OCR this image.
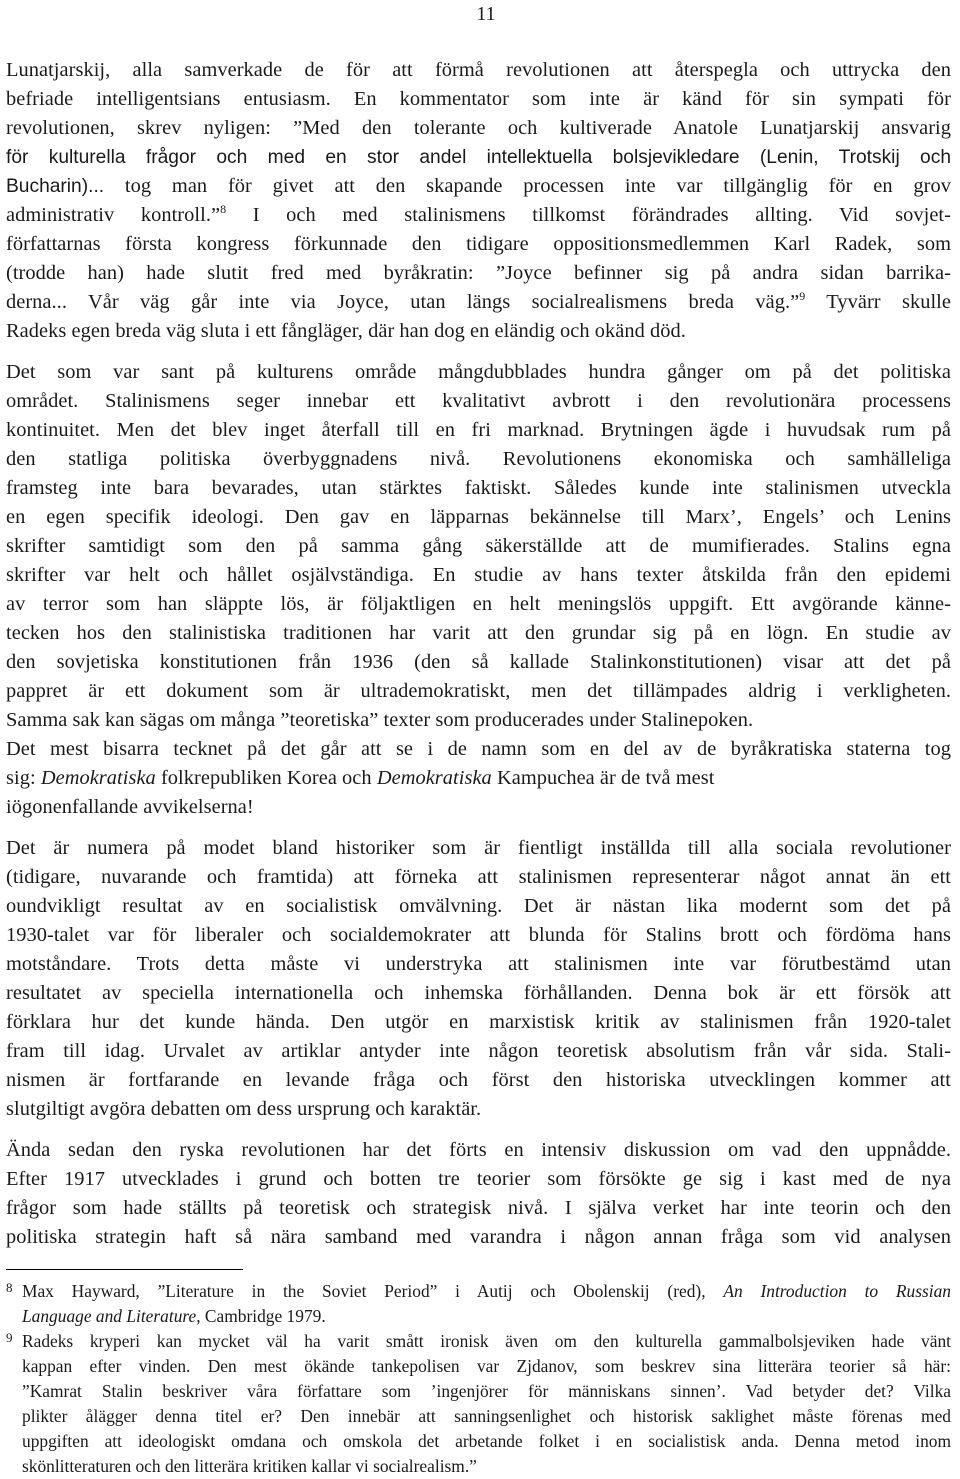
11
Lunatjarskij, alla samverkade de för att förmå revolutionen att återspegla och uttrycka den
befriade intelligentsians entusiasm. En kommentator som inte är känd för sin sympati för
revolutionen, skrev nyligen: ”Med den tolerante och kultiverade Anatole Lunatjarskij ansvarig
för kulturella frågor och med en stor andel intellektuella bolsjevikledare (Lenin, Trotskij och
Bucharin)... tog man för givet att den skapande processen inte var tillgänglig för en grov
administrativ kontroll.”$^8$ I och med stalinismens tillkomst förändrades allting. Vid sovjet-
författarnas första kongress förkunnade den tidigare oppositionsmedlemmen Karl Radek, som
(trodde han) hade slutit fred med byråkratin: ”Joyce befinner sig på andra sidan barrika-
derna... Vår väg går inte via Joyce, utan längs socialrealismens breda väg.”$^9$ Tyvärr skulle
Radeks egen breda väg sluta i ett fångläger, där han dog en eländig och okänd död.
Det som var sant på kulturens område mångdubblades hundra gånger om på det politiska
området. Stalinismens seger innebar ett kvalitativt avbrott i den revolutionära processens
kontinuitet. Men det blev inget återfall till en fri marknad. Brytningen ägde i huvudsak rum på
den statliga politiska överbyggnadens nivå. Revolutionens ekonomiska och samhälleliga
framsteg inte bara bevarades, utan stärktes faktiskt. Således kunde inte stalinismen utveckla
en egen specifik ideologi. Den gav en läpparnas bekännelse till Marx’, Engels’ och Lenins
skrifter samtidigt som den på samma gång säkerställde att de mumifierades. Stalins egna
skrifter var helt och hållet osjälvständiga. En studie av hans texter åtskilda från den epidemi
av terror som han släppte lös, är följaktligen en helt meningslös uppgift. Ett avgörande känne-
tecken hos den stalinistiska traditionen har varit att den grundar sig på en lögn. En studie av
den sovjetiska konstitutionen från 1936 (den så kallade Stalinkonstitutionen) visar att det på
pappret är ett dokument som är ultrademokratiskt, men det tillämpades aldrig i verkligheten.
Samma sak kan sägas om många ”teoretiska” texter som producerades under Stalinepoken.
Det mest bisarra tecknet på det går att se i de namn som en del av de byråkratiska staterna tog
sig: Demokratiska folkrepubliken Korea och Demokratiska Kampuchea är de två mest
iögonenfallande avvikelserna!
Det är numera på modet bland historiker som är fientligt inställda till alla sociala revolutioner
(tidigare, nuvarande och framtida) att förneka att stalinismen representerar något annat än ett
oundvikligt resultat av en socialistisk omvälvning. Det är nästan lika modernt som det på
1930-talet var för liberaler och socialdemokrater att blunda för Stalins brott och fördöma hans
motståndare. Trots detta måste vi understryka att stalinismen inte var förutbestämd utan
resultatet av speciella internationella och inhemska förhållanden. Denna bok är ett försök att
förklara hur det kunde hända. Den utgör en marxistisk kritik av stalinismen från 1920-talet
fram till idag. Urvalet av artiklar antyder inte någon teoretisk absolutism från vår sida. Stali-
nismen är fortfarande en levande fråga och först den historiska utvecklingen kommer att
slutgiltigt avgöra debatten om dess ursprung och karaktär.
Ända sedan den ryska revolutionen har det förts en intensiv diskussion om vad den uppnådde.
Efter 1917 utvecklades i grund och botten tre teorier som försökte ge sig i kast med de nya
frågor som hade ställts på teoretisk och strategisk nivå. I själva verket har inte teorin och den
politiska strategin haft så nära samband med varandra i någon annan fråga som vid analysen
8 Max Hayward, ”Literature in the Soviet Period” i Autij och Obolenskij (red), An Introduction to Russian
Language and Literature, Cambridge 1979.
9 Radeks kryperi kan mycket väl ha varit smått ironisk även om den kulturella gammalbolsjeviken hade vänt
kappan efter vinden. Den mest ökände tankepolisen var Zjdanov, som beskrev sina litterära teorier så här:
”Kamrat Stalin beskriver våra författare som ’ingenjörer för människans sinnen’. Vad betyder det? Vilka
plikter ålägger denna titel er? Den innebär att sanningsenlighet och historisk saklighet måste förenas med
uppgiften att ideologiskt omdana och omskola det arbetande folket i en socialistisk anda. Denna metod inom
skönlitteraturen och den litterära kritiken kallar vi socialrealism.”
